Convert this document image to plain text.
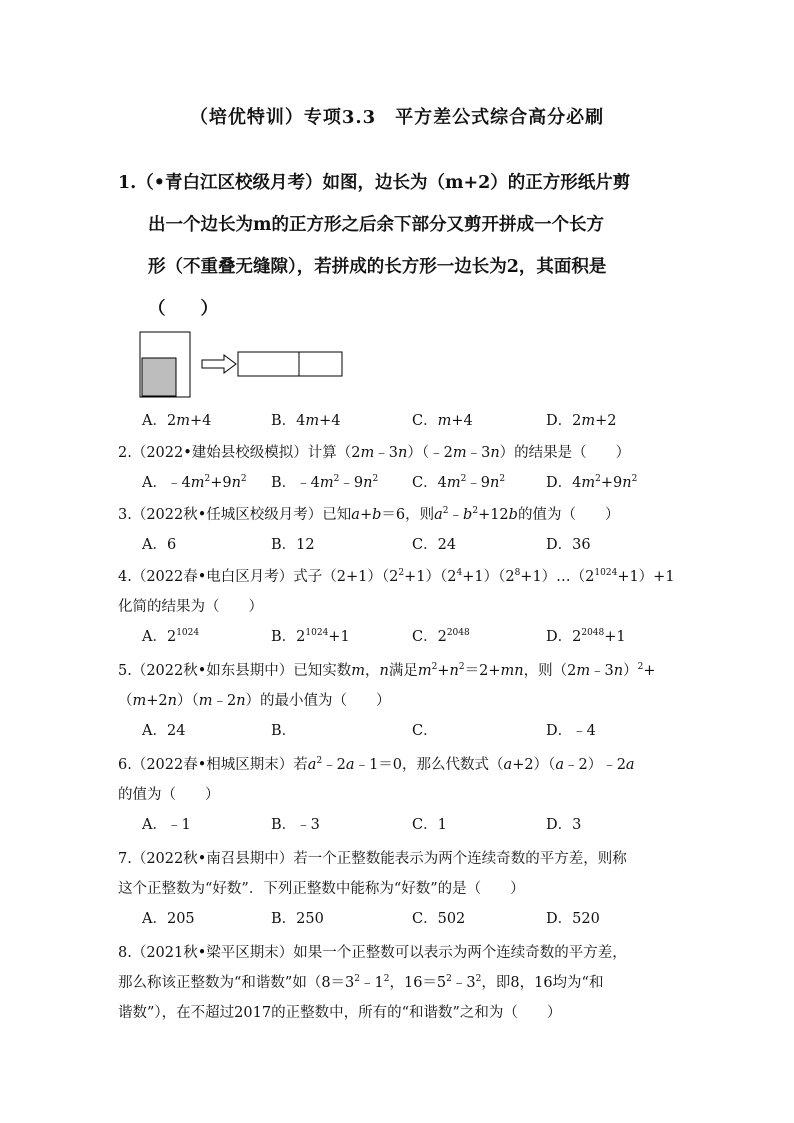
（培优特训）专项3.3　平方差公式综合高分必刷
1.（•青白江区校级月考）如图，边长为（m+2）的正方形纸片剪
出一个边长为m的正方形之后余下部分又剪开拼成一个长方
形（不重叠无缝隙），若拼成的长方形一边长为2，其面积是
（　　）
A．2m+4	B．4m+4	C．m+4	D．2m+2
2.（2022•建始县校级模拟）计算（2m﹣3n）（﹣2m﹣3n）的结果是（　　）
A．$﹣4m^2+9n^2$ B．$﹣4m^2﹣9n^2$ C．$4m^2﹣9n^2$	D．$4m^2+9n^2$
3.（2022秋•任城区校级月考）已知a+b＝6，则$a^2﹣b^2+12b$的值为（　　）
A．6	B．12	C．24	D．36
4.（2022春•电白区月考）式子$(2+1)(2^2+1)(2^4+1)(2^8+1)\dots(2^{1024}+1)+1$
化简的结果为（　　）
A．$2^{1024}$	B．$2^{1024}+1$	C．$2^{2048}$	D．$2^{2048}+1$
5.（2022秋•如东县期中）已知实数m，n满足$m^2+n^2=2+mn$，则（2m﹣3n）$^2$+
（m+2n）（m﹣2n）的最小值为（　　）
A．24	B．	C．	D．﹣4
6.（2022春•相城区期末）若$a^2﹣2a﹣1=0$，那么代数式（a+2）（a﹣2）﹣2a
的值为（　　）
A．﹣1	B．﹣3	C．1	D．3
7.（2022秋•南召县期中）若一个正整数能表示为两个连续奇数的平方差，则称
这个正整数为“好数”．下列正整数中能称为“好数”的是（　　）
A．205	B．250	C．502	D．520
8.（2021秋•梁平区期末）如果一个正整数可以表示为两个连续奇数的平方差，
那么称该正整数为“和谐数”如（$8=3^2﹣1^2$，$16=5^2﹣3^2$，即8，16均为“和
谐数”），在不超过2017的正整数中，所有的“和谐数”之和为（　　）
